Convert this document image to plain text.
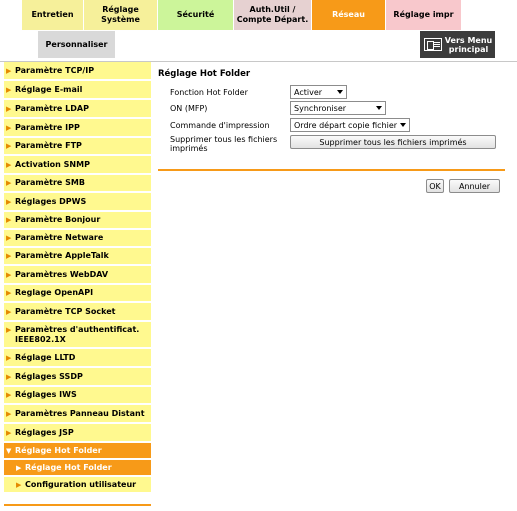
Entretien
Réglage Système
Sécurité
Auth.Util / Compte Départ.
Réseau	Réglage impr
Personnaliser	Vers Menu principal
▶ Paramètre TCP/IP
▶ Réglage E-mail
▶ Paramètre LDAP
▶ Paramètre IPP
▶ Paramètre FTP
▶ Activation SNMP
▶ Paramètre SMB
▶ Réglages DPWS
▶ Paramètre Bonjour
▶ Paramètre Netware
▶ Paramètre AppleTalk
▶ Paramètres WebDAV
▶ Reglage OpenAPI
▶ Paramètre TCP Socket
▶ Paramètres d'authentificat. IEEE802.1X
▶ Réglage LLTD
▶ Réglages SSDP
▶ Réglages IWS
▶ Paramètres Panneau Distant
▶ Réglages JSP
▼ Réglage Hot Folder
▶ Réglage Hot Folder
▶ Configuration utilisateur
Réglage Hot Folder
Fonction Hot Folder	Activer
ON (MFP)	Synchroniser
Commande d'impression	Ordre départ copie fichier
Supprimer tous les fichiers imprimés
Supprimer tous les fichiers imprimés
OK	Annuler
